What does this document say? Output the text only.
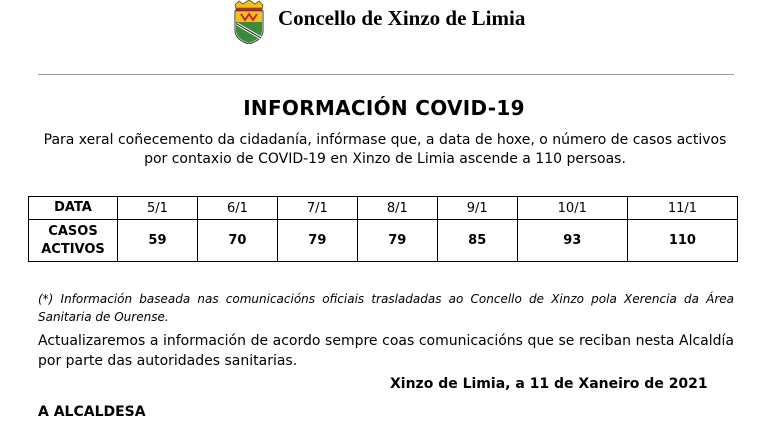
Concello de Xinzo de Limia
INFORMACIÓN COVID-19
Para xeral coñecemento da cidadanía, infórmase que, a data de hoxe, o número de casos activos por contaxio de COVID-19 en Xinzo de Limia ascende a 110 persoas.
DATA	5/1	6/1	7/1	8/1	9/1	10/1	11/1
CASOS
ACTIVOS	59	70	79	79	85	93	110
(*) Información baseada nas comunicacións oficiais trasladadas ao Concello de Xinzo pola Xerencia da Área Sanitaria de Ourense.
Actualizaremos a información de acordo sempre coas comunicacións que se reciban nesta Alcaldía por parte das autoridades sanitarias.
Xinzo de Limia, a 11 de Xaneiro de 2021
A ALCALDESA
